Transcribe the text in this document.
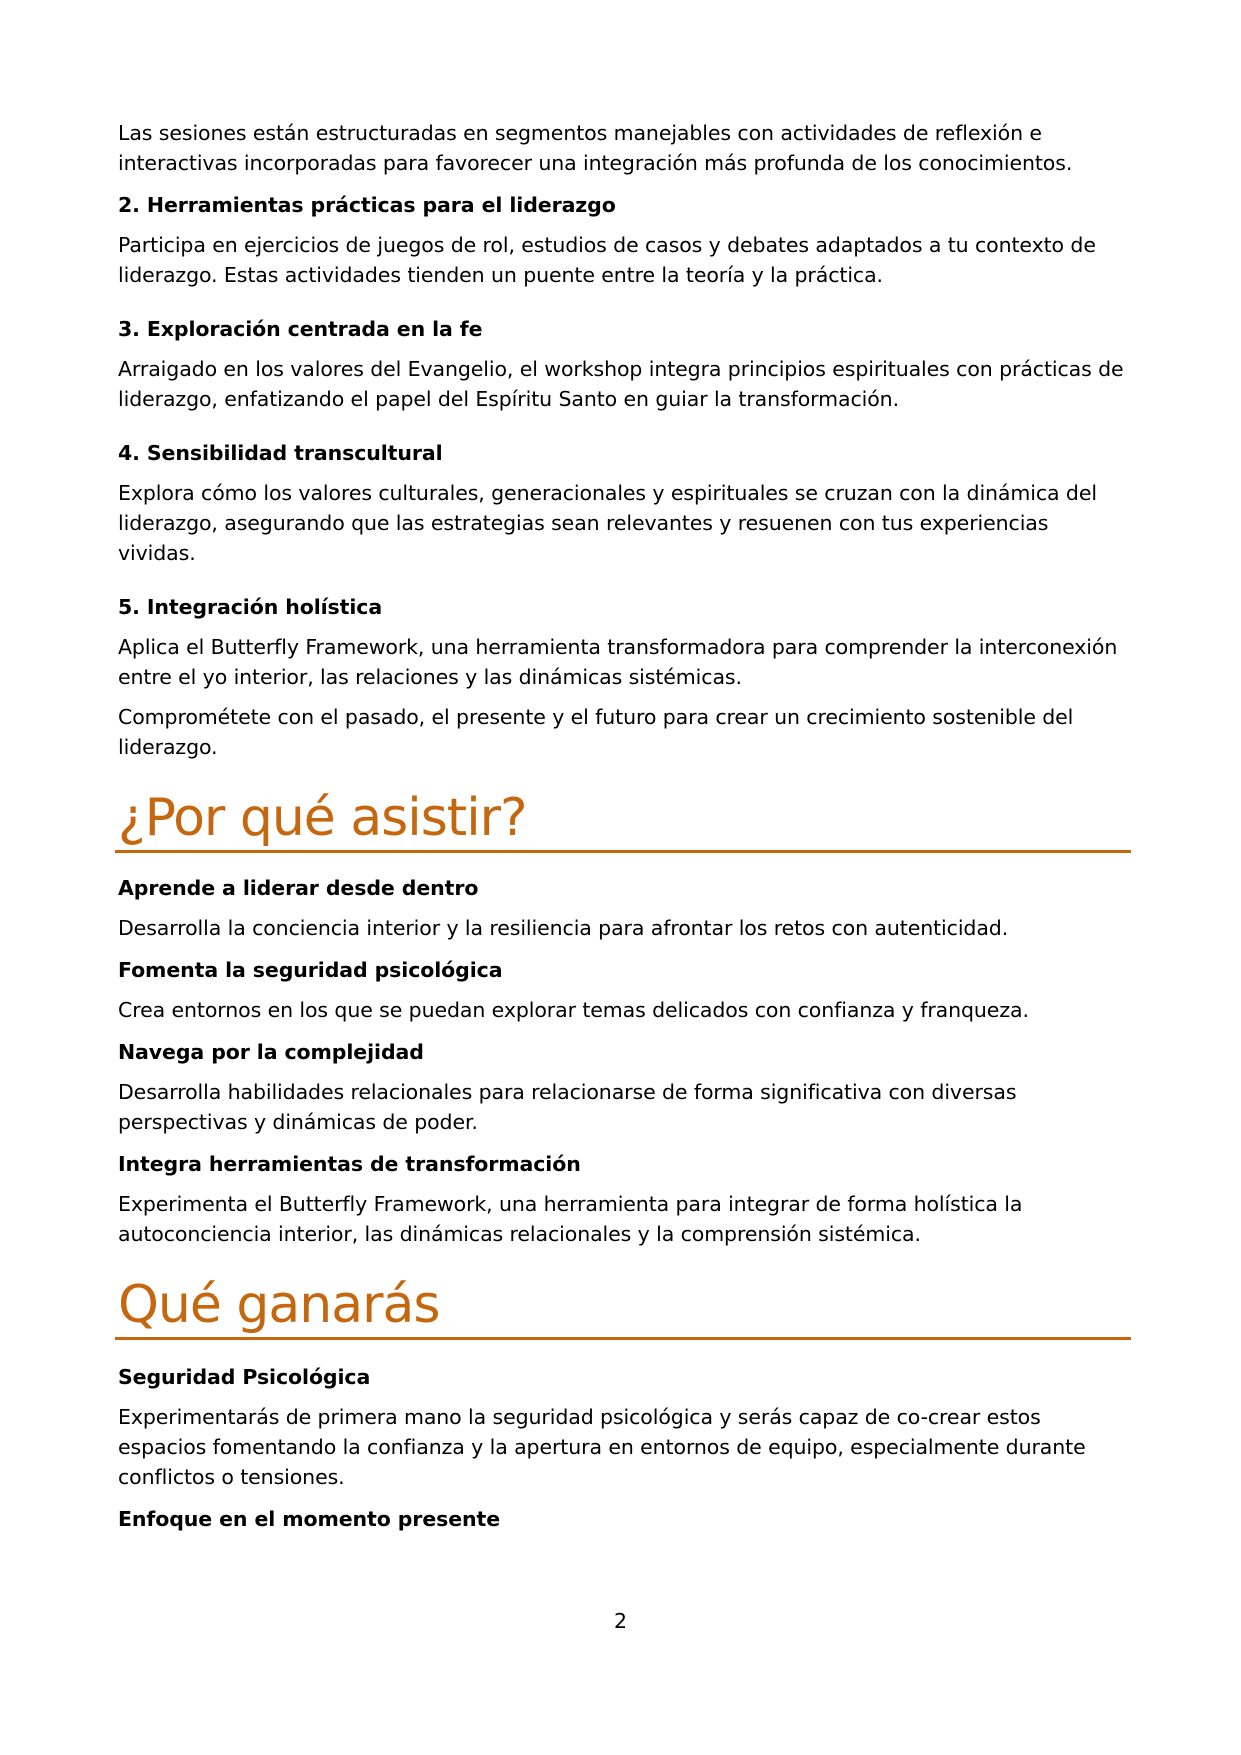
Las sesiones están estructuradas en segmentos manejables con actividades de reflexión e interactivas incorporadas para favorecer una integración más profunda de los conocimientos.

2. Herramientas prácticas para el liderazgo

Participa en ejercicios de juegos de rol, estudios de casos y debates adaptados a tu contexto de liderazgo. Estas actividades tienden un puente entre la teoría y la práctica.

3. Exploración centrada en la fe

Arraigado en los valores del Evangelio, el workshop integra principios espirituales con prácticas de liderazgo, enfatizando el papel del Espíritu Santo en guiar la transformación.

4. Sensibilidad transcultural

Explora cómo los valores culturales, generacionales y espirituales se cruzan con la dinámica del liderazgo, asegurando que las estrategias sean relevantes y resuenen con tus experiencias vividas.

5. Integración holística

Aplica el Butterfly Framework, una herramienta transformadora para comprender la interconexión entre el yo interior, las relaciones y las dinámicas sistémicas.

Comprométete con el pasado, el presente y el futuro para crear un crecimiento sostenible del liderazgo.

¿Por qué asistir?
Aprende a liderar desde dentro

Desarrolla la conciencia interior y la resiliencia para afrontar los retos con autenticidad.

Fomenta la seguridad psicológica

Crea entornos en los que se puedan explorar temas delicados con confianza y franqueza.

Navega por la complejidad

Desarrolla habilidades relacionales para relacionarse de forma significativa con diversas perspectivas y dinámicas de poder.

Integra herramientas de transformación

Experimenta el Butterfly Framework, una herramienta para integrar de forma holística la autoconciencia interior, las dinámicas relacionales y la comprensión sistémica.

Qué ganarás
Seguridad Psicológica

Experimentarás de primera mano la seguridad psicológica y serás capaz de co-crear estos espacios fomentando la confianza y la apertura en entornos de equipo, especialmente durante conflictos o tensiones.

Enfoque en el momento presente
2
